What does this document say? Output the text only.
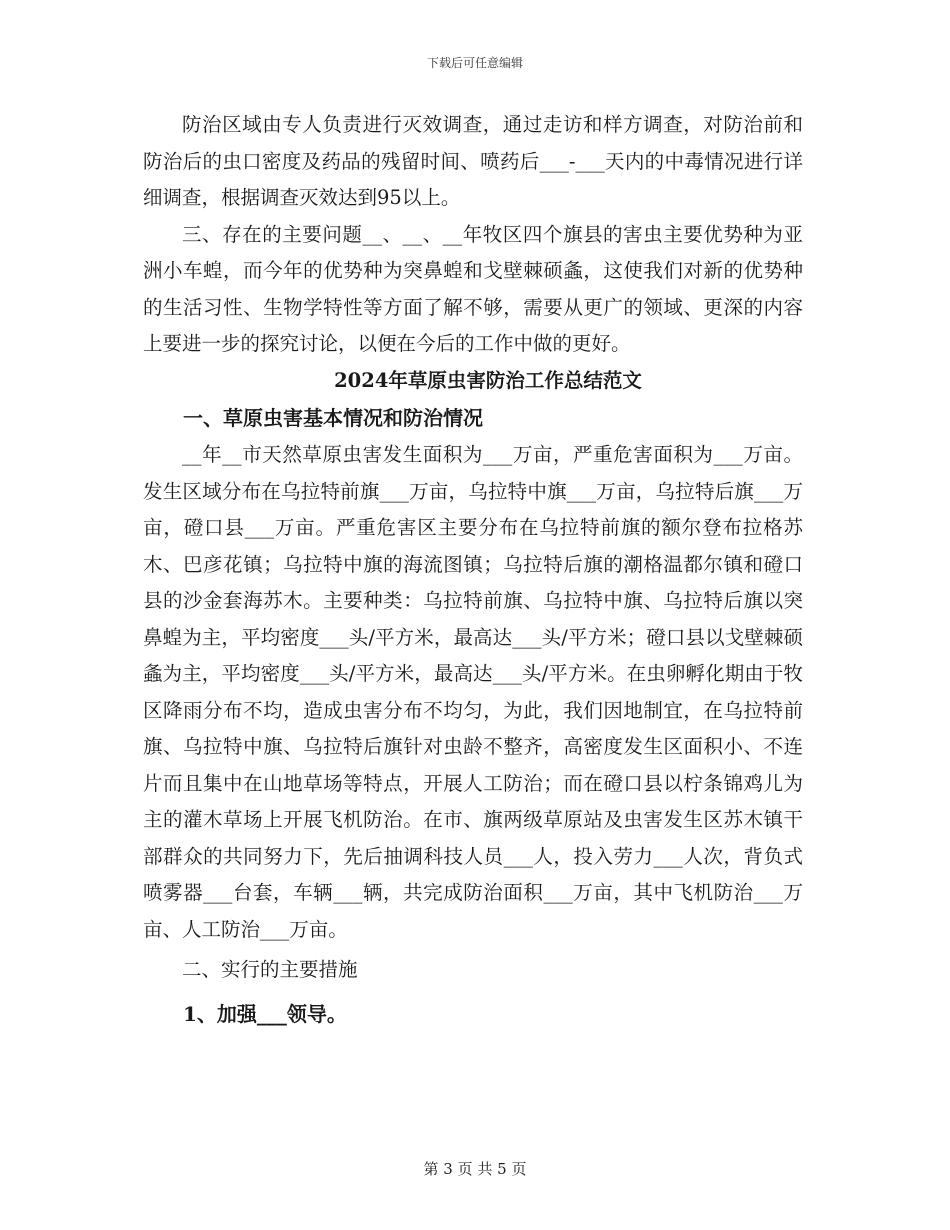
下载后可任意编辑

防治区域由专人负责进行灭效调查，通过走访和样方调查，对防治前和防治后的虫口密度及药品的残留时间、喷药后___-___天内的中毒情况进行详细调查，根据调查灭效达到95以上。

三、存在的主要问题__、__、__年牧区四个旗县的害虫主要优势种为亚洲小车蝗，而今年的优势种为突鼻蝗和戈壁棘硕螽，这使我们对新的优势种的生活习性、生物学特性等方面了解不够，需要从更广的领域、更深的内容上要进一步的探究讨论，以便在今后的工作中做的更好。

2024年草原虫害防治工作总结范文

一、草原虫害基本情况和防治情况

__年__市天然草原虫害发生面积为___万亩，严重危害面积为___万亩。发生区域分布在乌拉特前旗___万亩，乌拉特中旗___万亩，乌拉特后旗___万亩，磴口县___万亩。严重危害区主要分布在乌拉特前旗的额尔登布拉格苏木、巴彦花镇；乌拉特中旗的海流图镇；乌拉特后旗的潮格温都尔镇和磴口县的沙金套海苏木。主要种类：乌拉特前旗、乌拉特中旗、乌拉特后旗以突鼻蝗为主，平均密度___头/平方米，最高达___头/平方米；磴口县以戈壁棘硕螽为主，平均密度___头/平方米，最高达___头/平方米。在虫卵孵化期由于牧区降雨分布不均，造成虫害分布不均匀，为此，我们因地制宜，在乌拉特前旗、乌拉特中旗、乌拉特后旗针对虫龄不整齐，高密度发生区面积小、不连片而且集中在山地草场等特点，开展人工防治；而在磴口县以柠条锦鸡儿为主的灌木草场上开展飞机防治。在市、旗两级草原站及虫害发生区苏木镇干部群众的共同努力下，先后抽调科技人员___人，投入劳力___人次，背负式喷雾器___台套，车辆___辆，共完成防治面积___万亩，其中飞机防治___万亩、人工防治___万亩。

二、实行的主要措施

1、加强___领导。

第 3 页 共 5 页
